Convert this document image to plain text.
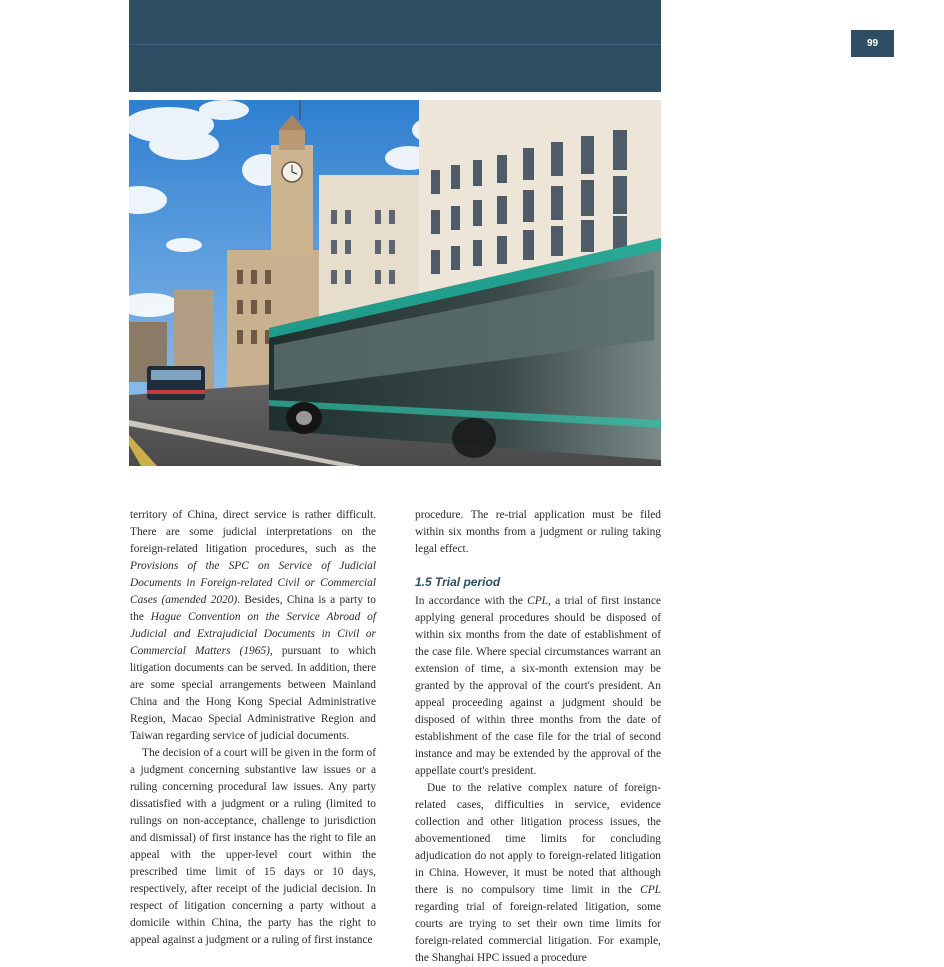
99

territory of China, direct service is rather difficult. There are some judicial interpretations on the foreign-related litigation procedures, such as the Provisions of the SPC on Service of Judicial Documents in Foreign-related Civil or Commercial Cases (amended 2020). Besides, China is a party to the Hague Convention on the Service Abroad of Judicial and Extrajudicial Documents in Civil or Commercial Matters (1965), pursuant to which litigation documents can be served. In addition, there are some special arrangements between Mainland China and the Hong Kong Special Administrative Region, Macao Special Administrative Region and Taiwan regarding service of judicial documents.

The decision of a court will be given in the form of a judgment concerning substantive law issues or a ruling concerning procedural law issues. Any party dissatisfied with a judgment or a ruling (limited to rulings on non-acceptance, challenge to jurisdiction and dismissal) of first instance has the right to file an appeal with the upper-level court within the prescribed time limit of 15 days or 10 days, respectively, after receipt of the judicial decision. In respect of litigation concerning a party without a domicile within China, the party has the right to appeal against a judgment or a ruling of first instance

procedure. The re-trial application must be filed within six months from a judgment or ruling taking legal effect.

1.5 Trial period

In accordance with the CPL, a trial of first instance applying general procedures should be disposed of within six months from the date of establishment of the case file. Where special circumstances warrant an extension of time, a six-month extension may be granted by the approval of the court's president. An appeal proceeding against a judgment should be disposed of within three months from the date of establishment of the case file for the trial of second instance and may be extended by the approval of the appellate court's president.

Due to the relative complex nature of foreign-related cases, difficulties in service, evidence collection and other litigation process issues, the abovementioned time limits for concluding adjudication do not apply to foreign-related litigation in China. However, it must be noted that although there is no compulsory time limit in the CPL regarding trial of foreign-related litigation, some courts are trying to set their own time limits for foreign-related commercial litigation. For example, the Shanghai HPC issued a procedure
